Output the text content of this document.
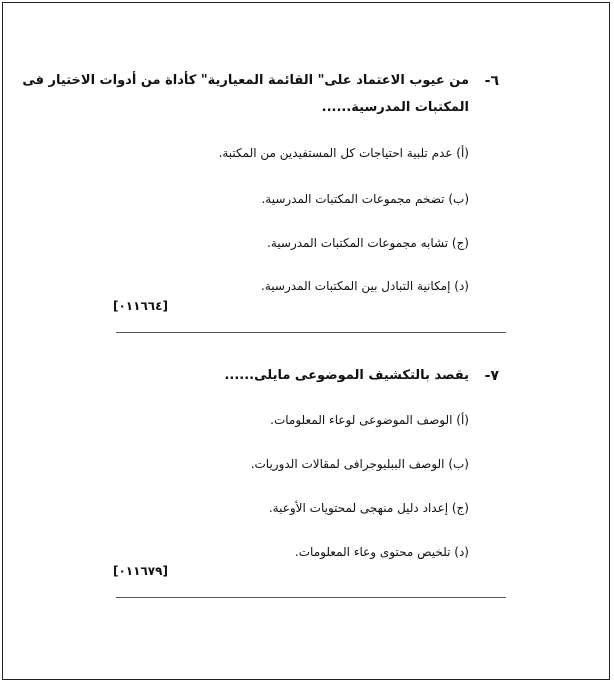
٦-
من عيوب الاعتماد على" القائمة المعيارية" كأداة من أدوات الاختيار فى
المكتبات المدرسية......
(أ) عدم تلبية احتياجات كل المستفيدين من المكتبة.
(ب) تضخم مجموعات المكتبات المدرسية.
(ج) تشابه مجموعات المكتبات المدرسية.
(د) إمكانية التبادل بين المكتبات المدرسية.
[٠١١٦٦٤]
٧-
يقصد بالتكشيف الموضوعى مايلى......
(أ) الوصف الموضوعى لوعاء المعلومات.
(ب) الوصف الببليوجرافى لمقالات الدوريات.
(ج) إعداد دليل منهجى لمحتويات الأوعية.
(د) تلخيص محتوى وعاء المعلومات.
[٠١١٦٧٩]
